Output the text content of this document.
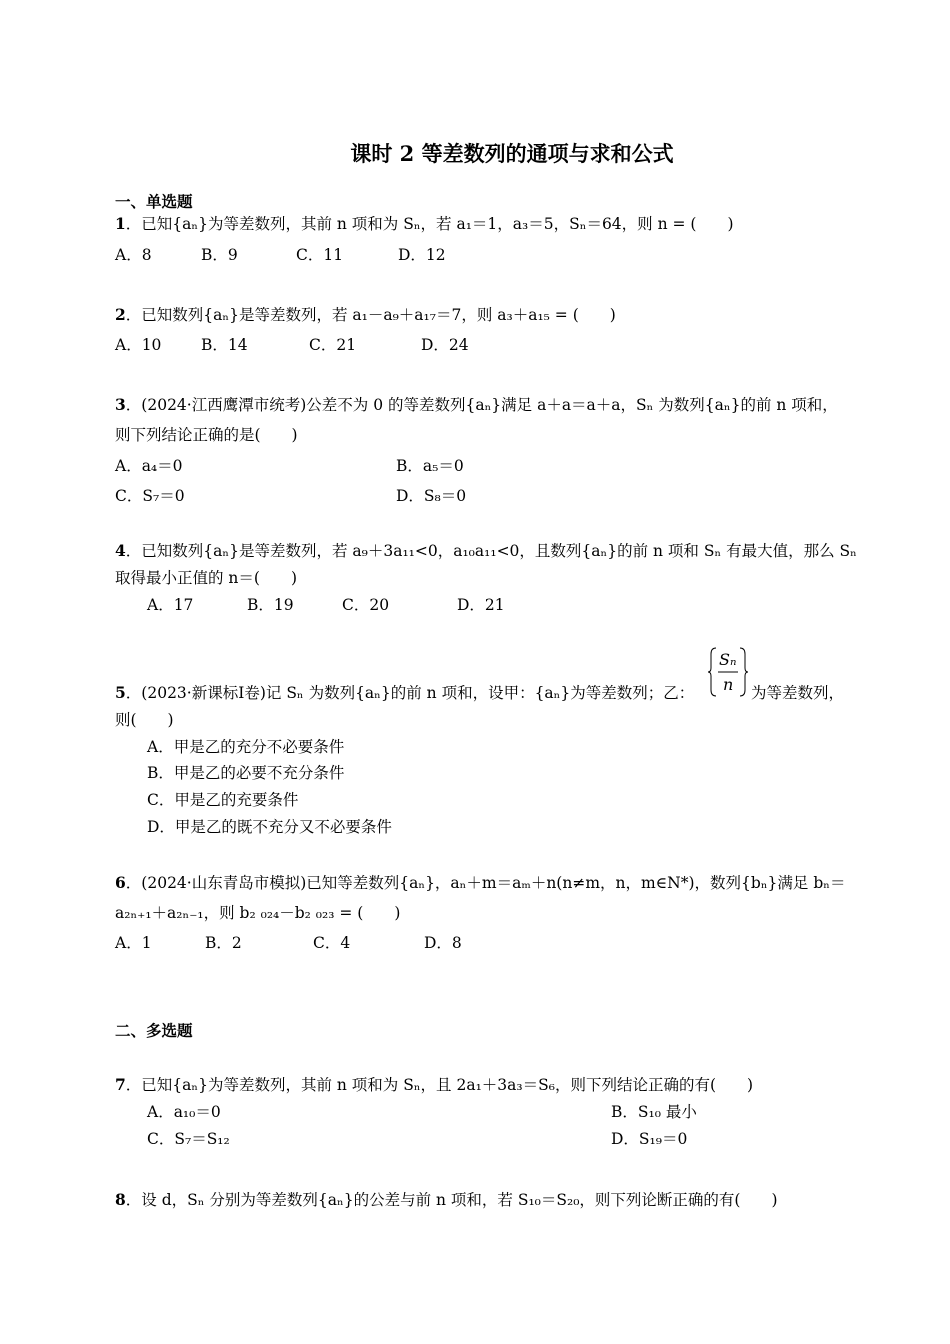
课时 2 等差数列的通项与求和公式
一、单选题
1．已知{aₙ}为等差数列，其前 n 项和为 Sₙ，若 a₁＝1，a₃＝5，Sₙ＝64，则 n = (　　)
A．8	B．9	C．11	D．12
2．已知数列{aₙ}是等差数列，若 a₁－a₉＋a₁₇＝7，则 a₃＋a₁₅ = (　　)
A．10	B．14	C．21	D．24
3．(2024·江西鹰潭市统考)公差不为 0 的等差数列{aₙ}满足 a＋a＝a＋a，Sₙ 为数列{aₙ}的前 n 项和，
则下列结论正确的是(　　)
A．a₄＝0	B．a₅＝0
C．S₇＝0	D．S₈＝0
4．已知数列{aₙ}是等差数列，若 a₉＋3a₁₁<0，a₁₀a₁₁<0，且数列{aₙ}的前 n 项和 Sₙ 有最大值，那么 Sₙ
取得最小正值的 n＝(　　)
A．17	B．19	C．20	D．21
5．(2023·新课标Ⅰ卷)记 Sₙ 为数列{aₙ}的前 n 项和，设甲：{aₙ}为等差数列；乙：
Sₙ
n 为等差数列，
则(　　)
A．甲是乙的充分不必要条件
B．甲是乙的必要不充分条件
C．甲是乙的充要条件
D．甲是乙的既不充分又不必要条件
6．(2024·山东青岛市模拟)已知等差数列{aₙ}，aₙ＋m＝aₘ＋n(n≠m，n，m∈N*)，数列{bₙ}满足 bₙ＝
a₂ₙ₊₁＋a₂ₙ₋₁，则 b₂ ₀₂₄－b₂ ₀₂₃ = (　　)
A．1	B．2	C．4	D．8
二、多选题
7．已知{aₙ}为等差数列，其前 n 项和为 Sₙ，且 2a₁＋3a₃＝S₆，则下列结论正确的有(　　)
A．a₁₀＝0	B．S₁₀ 最小
C．S₇＝S₁₂	D．S₁₉＝0
8．设 d，Sₙ 分别为等差数列{aₙ}的公差与前 n 项和，若 S₁₀＝S₂₀，则下列论断正确的有(　　)
